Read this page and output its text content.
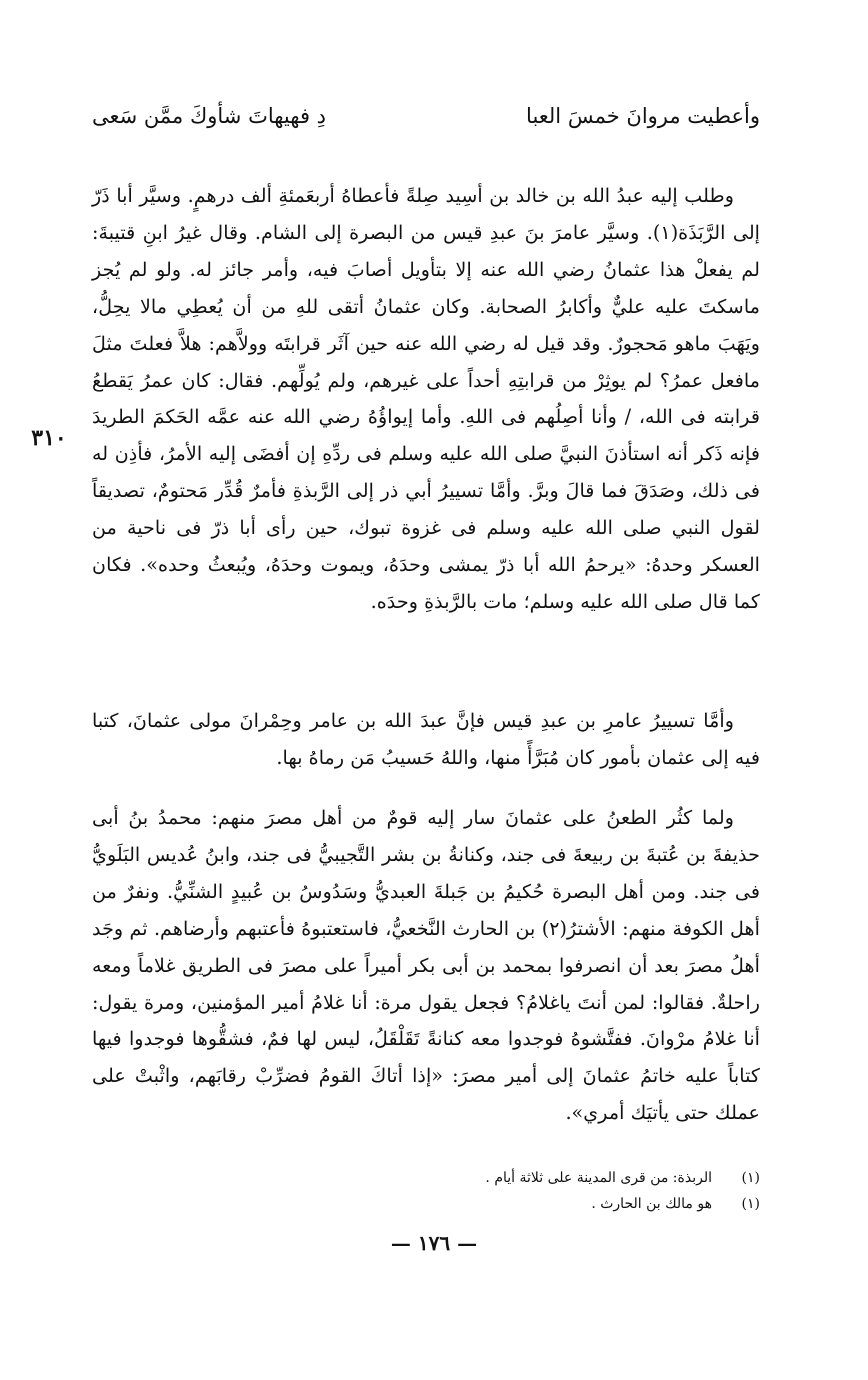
وأعطيت مروانَ خمسَ العبا
دِ فهيهاتَ شأوكَ ممَّن سَعى

وطلب إليه عبدُ الله بن خالد بن أسِيد صِلةً فأعطاهُ أربعَمئةِ ألف درهمٍ. وسيَّر أبا ذَرّ إلى الرَّبَذَة(١). وسيَّر عامرَ بنَ عبدِ قيس من البصرة إلى الشام. وقال غيرُ ابنِ قتيبةَ: لم يفعلْ هذا عثمانُ رضي الله عنه إلا بتأويل أصابَ فيه، وأمر جائز له. ولو لم يُجز ماسكتَ عليه عليٌّ وأكابرُ الصحابة. وكان عثمانُ أتقى للهِ من أن يُعطِي مالا يحِلُّ، ويَهَبَ ماهو مَحجورٌ. وقد قيل له رضي الله عنه حين آثَر قرابتَه وولاَّهم: هلاَّ فعلتَ مثلَ مافعل عمرُ؟ لم يوثِرْ من قرابتِهِ أحداً على غيرهم، ولم يُولِّهم. فقال: كان عمرُ يَقطعُ قرابته فى الله، / وأنا أصِلُهم فى اللهِ. وأما إيواؤُهُ رضي الله عنه عمَّه الحَكمَ الطريدَ فإنه ذَكر أنه استأذنَ النبيَّ صلى الله عليه وسلم فى ردِّهِ إن أفضَى إليه الأمرُ، فأذِن له فى ذلك، وصَدَقَ فما قالَ وبرَّ. وأمَّا تسييرُ أبي ذر إلى الرَّبذةِ فأمرٌ قُدِّر مَحتومٌ، تصديقاً لقول النبي صلى الله عليه وسلم فى غزوة تبوك، حين رأى أبا ذرّ فى ناحية من العسكر وحدهُ: «يرحمُ الله أبا ذرّ يمشى وحدَهُ، ويموت وحدَهُ، ويُبعثُ وحده». فكان كما قال صلى الله عليه وسلم؛ مات بالرَّبذةِ وحدَه.

٣١٠

وأمَّا تسييرُ عامرِ بن عبدِ قيس فإنَّ عبدَ الله بن عامر وحِمْرانَ مولى عثمانَ، كتبا فيه إلى عثمان بأمور كان مُبَرَّأً منها، واللهُ حَسيبُ مَن رماهُ بها.

ولما كثُر الطعنُ على عثمانَ سار إليه قومٌ من أهل مصرَ منهم: محمدُ بنُ أبى حذيفةَ بن عُتبةَ بن ربيعةَ فى جند، وكنانةُ بن بشر التَّجيبيُّ فى جند، وابنُ عُديس البَلَويُّ فى جند. ومن أهل البصرة حُكيمُ بن جَبلةَ العبديُّ وسَدُوسُ بن عُبيدٍ الشنِّيُّ. ونفرٌ من أهل الكوفة منهم: الأشترُ(٢) بن الحارث النَّخعيُّ، فاستعتبوهُ فأعتبهم وأرضاهم. ثم وجَد أهلُ مصرَ بعد أن انصرفوا بمحمد بن أبى بكر أميراً على مصرَ فى الطريق غلاماً ومعه راحلةٌ. فقالوا: لمن أنتَ ياغلامُ؟ فجعل يقول مرة: أنا غلامُ أمير المؤمنين، ومرة يقول: أنا غلامُ مرْوانَ. ففتَّشوهُ فوجدوا معه كنانةً تَقَلْقَلُ، ليس لها فمٌ، فشقُّوها فوجدوا فيها كتاباً عليه خاتمُ عثمانَ إلى أمير مصرَ: «إذا أتاكَ القومُ فضرِّبْ رقابَهم، واثْبتْ على عملك حتى يأتيَك أمري».

(١)
الربذة: من قرى المدينة على ثلاثة أيام .
(١)
هو مالك بن الحارث .
— ١٧٦ —
